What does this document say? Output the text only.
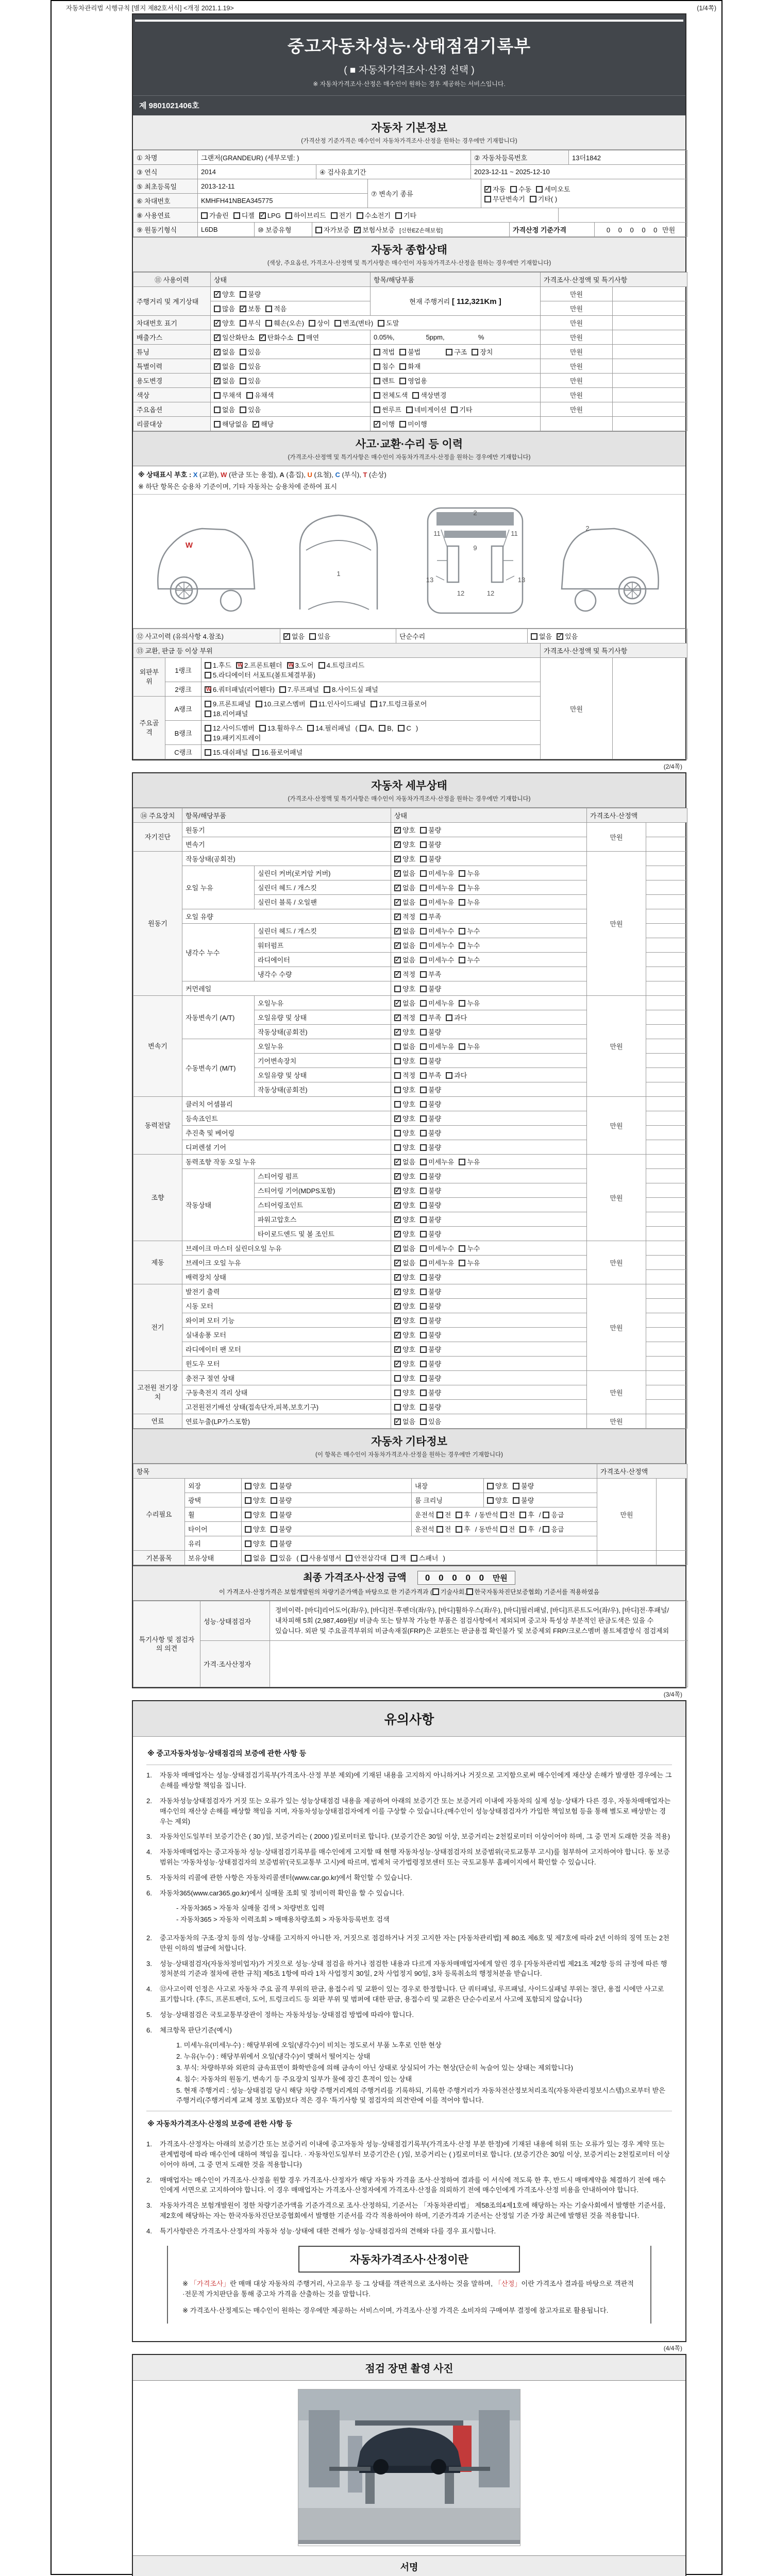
자동차관리법 시행규칙 [별지 제82호서식] <개정 2021.1.19>	(1/4쪽)
중고자동차성능·상태점검기록부
( ■ 자동차가격조사·산정 선택 )
※ 자동차가격조사·산정은 매수인이 원하는 경우 제공하는 서비스입니다.
제 9801021406호
자동차 기본정보
(가격산정 기준가격은 매수인이 자동차가격조사·산정을 원하는 경우에만 기재합니다)
① 차명	그랜저(GRANDEUR) (세부모델: )	② 자동차등록번호	13더1842
③ 연식	2014	④ 검사유효기간	2023-12-11 ~ 2025-12-10
⑤ 최초등록일	2013-12-11	⑦ 변속기 종류	✓자동 수동 세미오토
무단변속기 기타( )
⑥ 차대번호	KMHFH41NBEA345775		
⑧ 사용연료	가솔린 디젤 ✓ LPG 하이브리드 전기 수소전기 기타	
⑨ 원동기형식	L6DB	⑩ 보증유형	자가보증 ✓ 보험사보증 [신한EZ손해보험]	가격산정 기준가격	0 0 0 0 0 만원
자동차 종합상태
(색상, 주요옵션, 가격조사·산정액 및 특기사항은 매수인이 자동차가격조사·산정을 원하는 경우에만 기재합니다)
⑪ 사용이력	상태	항목/해당부품	가격조사·산정액 및 특기사항	
주행거리 및 계기상태	✓양호 불량	현재 주행거리 [ 112,321Km ]	만원	
	많음 ✓ 보통 적음		만원	
차대번호 표기	✓양호 부식 훼손(오손) 상이 변조(변타) 도말		만원	
배출가스	✓일산화탄소 ✓ 탄화수소 매연	0.05%, 5ppm, %	만원	
튜닝	✓없음 있음	적법 불법 구조 장치	만원	
특별이력	✓없음 있음	침수 화재	만원	
용도변경	✓없음 있음	렌트 영업용	만원	
색상	무채색 유채색	전체도색 색상변경	만원	
주요옵션	없음 있음	썬루프 네비게이션 기타	만원	
리콜대상	해당없음 ✓ 해당	✓이행 미이행		
사고·교환·수리 등 이력
(가격조사·산정액 및 특기사항은 매수인이 자동차가격조사·산정을 원하는 경우에만 기재합니다)
※ 상태표시 부호 : X (교환), W (판금 또는 용접), A (흠집), U (요철), C (부식), T (손상)
※ 하단 항목은 승용차 기준이며, 기타 자동차는 승용차에 준하여 표시
W
1
2
9
11	11
13	13
12	12
2
⑫ 사고이력 (유의사항 4.참조)	✓없음 있음	단순수리	없음 ✓ 있음
⑬ 교환, 판금 등 이상 부위			가격조사·산정액 및 특기사항	
외판부위	1랭크	1.후드 W 2.프론트휀더 W 3.도어 4.트렁크리드
5.라디에이터 서포트(볼트체결부품)	만원	
	2랭크	W6.쿼터패널(리어휀다) 7.루프패널 8.사이드실 패널
주요골격	A랭크	9.프론트패널 10.크로스멤버 11.인사이드패널 17.트렁크플로어
18.리어패널		
	B랭크	12.사이드멤버 13.휠하우스 14.필러패널 ( A, B, C )
19.패키지트레이		
	C랭크	15.대쉬패널 16.플로어패널		
(2/4쪽)
자동차 세부상태
(가격조사·산정액 및 특기사항은 매수인이 자동차가격조사·산정을 원하는 경우에만 기재합니다)
⑭ 주요장치	항목/해당부품		상태	가격조사·산정액	
자기진단	원동기	✓양호 불량	만원	
	변속기	✓양호 불량	
원동기	작동상태(공회전)	✓양호 불량	만원	
	오일 누유	실린더 커버(로커암 커버)	✓없음 미세누유 누유	
		실린더 헤드 / 개스킷	✓없음 미세누유 누유	
		실린더 블록 / 오일팬	✓없음 미세누유 누유	
	오일 유량	✓적정 부족	
	냉각수 누수	실린더 헤드 / 개스킷	✓없음 미세누수 누수	
		워터펌프	✓없음 미세누수 누수	
		라디에이터	✓없음 미세누수 누수	
		냉각수 수량	✓적정 부족	
	커먼레일		양호 불량		
변속기	자동변속기 (A/T)	오일누유	✓없음 미세누유 누유	만원	
		오일유량 및 상태	✓적정 부족 과다	
		작동상태(공회전)	✓양호 불량	
	수동변속기 (M/T)	오일누유	없음 미세누유 누유		
		기어변속장치	양호 불량		
		오일유량 및 상태	적정 부족 과다		
		작동상태(공회전)	양호 불량		
동력전달	클러치 어셈블리		양호 불량	만원	
	등속죠인트	✓양호 불량	
	추진축 및 베어링		양호 불량		
	디퍼렌셜 기어		양호 불량		
조향	동력조향 작동 오일 누유	✓없음 미세누유 누유	만원	
	작동상태	스티어링 펌프	✓양호 불량	
		스티어링 기어(MDPS포함)	✓양호 불량	
		스티어링조인트	✓양호 불량	
		파워고압호스	✓양호 불량	
		타이로드엔드 및 볼 조인트	✓양호 불량	
제동	브레이크 마스터 실린더오일 누유	✓없음 미세누수 누수	만원	
	브레이크 오일 누유	✓없음 미세누유 누유	
	배력장치 상태	✓양호 불량	
전기	발전기 출력	✓양호 불량	만원	
	시동 모터	✓양호 불량	
	와이퍼 모터 기능	✓양호 불량	
	실내송풍 모터	✓양호 불량	
	라디에이터 팬 모터	✓양호 불량	
	윈도우 모터	✓양호 불량	
고전원 전기장치	충전구 절연 상태		양호 불량	만원	
	구동축전지 격리 상태		양호 불량		
	고전원전기배선 상태(접속단자,피복,보호기구)		양호 불량		
연료	연료누출(LP가스포함)	✓없음 있음	만원	
자동차 기타정보
(이 항목은 매수인이 자동차가격조사·산정을 원하는 경우에만 기재합니다)
항목					가격조사·산정액	
수리필요	외장	양호 불량	내장	양호 불량	만원	
	광택	양호 불량	룸 크리닝	양호 불량		
	휠	양호 불량	운전석 전 후 / 동반석 전 후 / 응급			
	타이어	양호 불량	운전석 전 후 / 동반석 전 후 / 응급			
	유리	양호 불량				
기본품목	보유상태	없음 있음 ( 사용설명서 안전삼각대 잭 스패너 )				
최종 가격조사·산정 금액 0 0 0 0 0 만원
이 가격조사·산정가격은 보험개발원의 차량기준가액을 바탕으로 한 기준가격과 ( 기술사회, 한국자동차진단보증협회) 기준서를 적용하였음
특기사항 및 점검자의 의견	성능·상태점검자	정비이력- [바디]리어도어(좌/우), [바디]전·후펜더(좌/우), [바디]휠하우스(좌/우), [바디]필러패널, [바디]프론트도어(좌/우), [바디]전·후패널/ 내차피해 5회 (2,987,469원)/ 비금속 또는 탈부착 가능한 부품은 점검사항에서 제외되며 중고차 특성상 부분적인 판금도색은 있을 수 있습니다. 외판 및 주요골격부위의 비금속재질(FRP)은 교환또는 판금용접 확인불가 및 보증제외 FRP/크로스멤버 볼트체결방식 점검제외
	가격·조사산정자	
(3/4쪽)
유의사항
※ 중고자동차성능·상태점검의 보증에 관한 사항 등
1.	자동차 매매업자는 성능·상태점검기록부(가격조사·산정 부분 제외)에 기재된 내용을 고지하지 아니하거나 거짓으로 고지함으로써 매수인에게 재산상 손해가 발생한 경우에는 그 손해를 배상할 책임을 집니다.
2.	자동차성능상태점검자가 거짓 또는 오류가 있는 성능상태점검 내용을 제공하여 아래의 보증기간 또는 보증거리 이내에 자동차의 실제 성능·상태가 다른 경우, 자동차매매업자는 매수인의 재산상 손해를 배상할 책임을 지며, 자동차성능상태점검자에게 이를 구상할 수 있습니다.(매수인이 성능상태점검자가 가입한 책임보험 등을 통해 별도로 배상받는 경우는 제외)
3.	자동차인도일부터 보증기간은 ( 30 )일, 보증거리는 ( 2000 )킬로미터로 합니다. (보증기간은 30일 이상, 보증거리는 2천킬로미터 이상이어야 하며, 그 중 먼저 도래한 것을 적용)
4.	자동차매매업자는 중고자동차 성능·상태점검기록부를 매수인에게 고지할 때 현행 자동차성능·상태점검자의 보증범위(국토교통부 고시)를 첨부하여 고지하여야 합니다. 동 보증범위는 '자동차성능·상태점검자의 보증범위'(국토교통부 고시)에 따르며, 법제처 국가법령정보센터 또는 국토교통부 홈페이지에서 확인할 수 있습니다.
5.	자동차의 리콜에 관한 사항은 자동차리콜센터(www.car.go.kr)에서 확인할 수 있습니다.
6.	자동차365(www.car365.go.kr)에서 실매물 조회 및 정비이력 확인을 할 수 있습니다.
- 자동차365 > 자동차 실매물 검색 > 차량번호 입력
- 자동차365 > 자동차 이력조회 > 매매용차량조회 > 자동차등록번호 검색
2.	중고자동차의 구조·장치 등의 성능·상태를 고지하지 아니한 자, 거짓으로 점검하거나 거짓 고지한 자는 [자동차관리법] 제 80조 제6호 및 제7호에 따라 2년 이하의 징역 또는 2천만원 이하의 벌금에 처합니다.
3.	성능·상태점검자(자동차정비업자)가 거짓으로 성능·상태 점검을 하거나 점검한 내용과 다르게 자동차매매업자에게 알린 경우 [자동차관리법 제21조 제2항 등의 규정에 따른 행정처분의 기준과 절차에 관한 규칙] 제5조 1항에 따라 1차 사업정지 30일, 2차 사업정지 90일, 3차 등록취소의 행정처분을 받습니다.
4.	⑫사고이력 인정은 사고로 자동차 주요 골격 부위의 판금, 용접수리 및 교환이 있는 경우로 한정합니다. 단 쿼터패널, 루프패널, 사이드실패널 부위는 절단, 용접 시에만 사고로 표기합니다. (후드, 프론트펜더, 도어, 트렁크리드 등 외판 부위 및 범퍼에 대한 판금, 용접수리 및 교환은 단순수리로서 사고에 포함되지 않습니다)
5.	성능·상태점검은 국토교통부장관이 정하는 자동차성능·상태점검 방법에 따라야 합니다.
6.	체크항목 판단기준(예시)
1. 미세누유(미세누수) : 해당부위에 오일(냉각수)이 비치는 정도로서 부품 노후로 인한 현상
2. 누유(누수) : 해당부위에서 오일(냉각수)이 맺혀서 떨어지는 상태
3. 부식: 차량하부와 외판의 금속표면이 화학반응에 의해 금속이 아닌 상태로 상실되어 가는 현상(단순히 녹슬어 있는 상태는 제외합니다)
4. 침수: 자동차의 원동기, 변속기 등 주요장치 일부가 물에 잠긴 흔적이 있는 상태
5. 현재 주행거리 : 성능·상태점검 당시 해당 차량 주행거리계의 주행거리를 기록하되, 기록한 주행거리가 자동차전산정보처리조직(자동차관리정보시스템)으로부터 받은 주행거리(주행거리계 교체 정보 포함)보다 적은 경우 '특기사항 및 점검자의 의견'란에 이를 적어야 합니다.
※ 자동차가격조사·산정의 보증에 관한 사항 등
1.	가격조사·산정자는 아래의 보증기간 또는 보증거리 이내에 중고자동차 성능·상태점검기록부(가격조사·산정 부분 한정)에 기재된 내용에 허위 또는 오류가 있는 경우 계약 또는 관계법령에 따라 매수인에 대하여 책임을 집니다. · 자동차인도일부터 보증기간은 ( )일, 보증거리는 ( )킬로미터로 합니다. (보증기간은 30일 이상, 보증거리는 2천킬로미터 이상이어야 하며, 그 중 먼저 도래한 것을 적용합니다)
2.	매매업자는 매수인이 가격조사·산정을 원할 경우 가격조사·산정자가 해당 자동차 가격을 조사·산정하여 결과를 이 서식에 적도록 한 후, 반드시 매매계약을 체결하기 전에 매수인에게 서면으로 고지하여야 합니다. 이 경우 매매업자는 가격조사·산정자에게 가격조사·산정을 의뢰하기 전에 매수인에게 가격조사·산정 비용을 안내하여야 합니다.
3.	자동차가격은 보험개발원이 정한 차량기준가액을 기준가격으로 조사·산정하되, 기준서는 「자동차관리법」 제58조의4제1호에 해당하는 자는 기술사회에서 발행한 기준서를, 제2호에 해당하는 자는 한국자동차진단보증협회에서 발행한 기준서를 각각 적용하여야 하며, 기준가격과 기준서는 산정일 기준 가장 최근에 발행된 것을 적용합니다.
4.	특기사항란은 가격조사·산정자의 자동차 성능·상태에 대한 견해가 성능·상태점검자의 견해와 다를 경우 표시합니다.
자동차가격조사·산정이란
※ 「가격조사」란 매매 대상 자동차의 주행거리, 사고유무 등 그 상태를 객관적으로 조사하는 것을 말하며, 「산정」이란 가격조사 결과를 바탕으로 객관적·전문적 가치판단을 통해 중고차 가격을 산출하는 것을 말합니다.
※ 가격조사·산정제도는 매수인이 원하는 경우에만 제공하는 서비스이며, 가격조사·산정 가격은 소비자의 구매여부 결정에 참고자료로 활용됩니다.
(4/4쪽)
점검 장면 촬영 사진
서명
